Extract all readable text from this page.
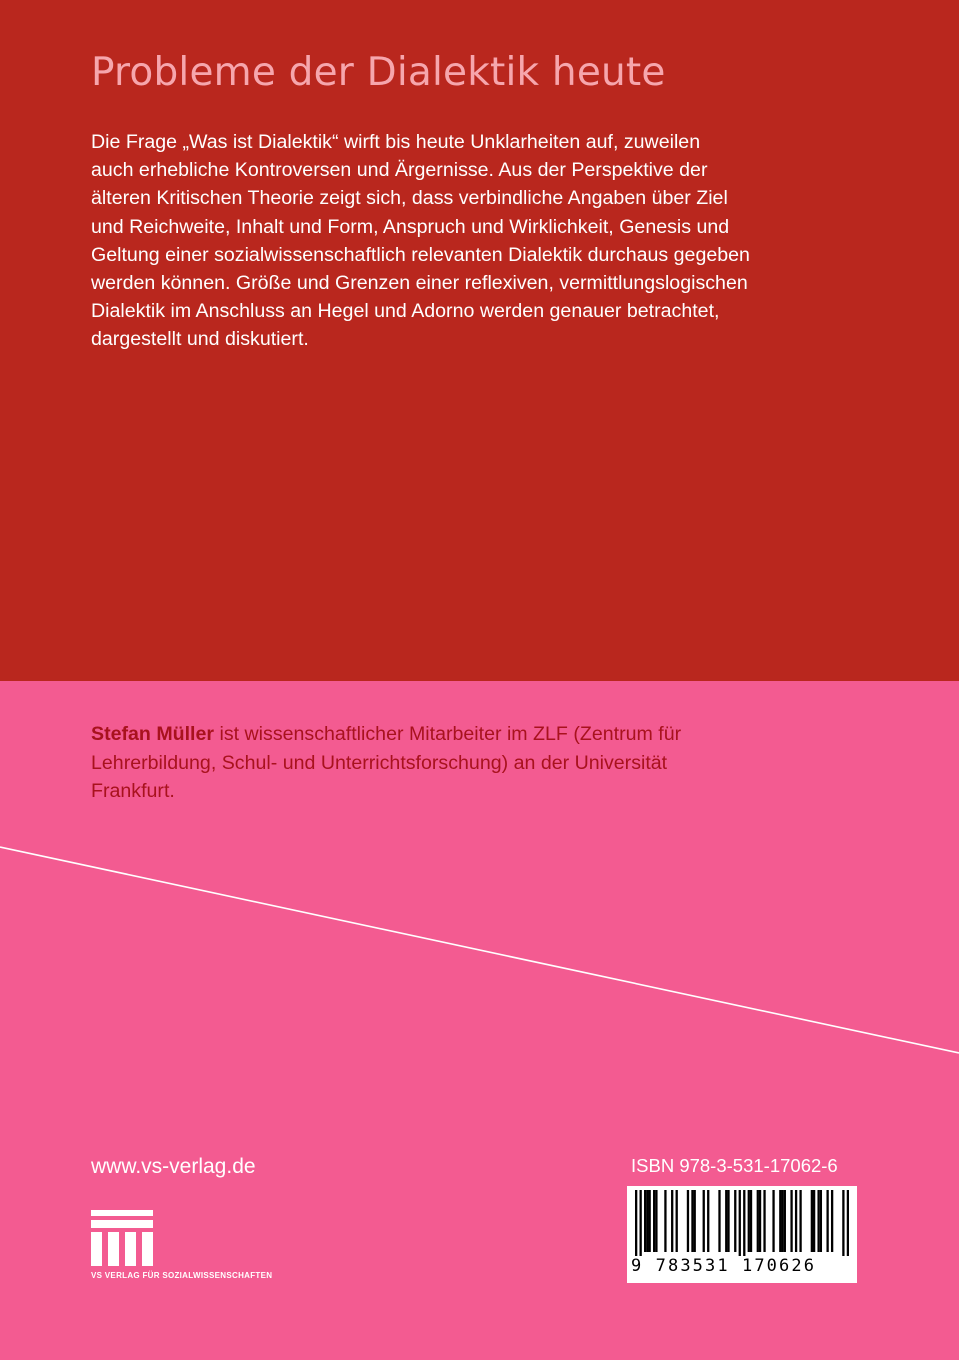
Probleme der Dialektik heute
Die Frage „Was ist Dialektik“ wirft bis heute Unklarheiten auf, zuweilen
auch erhebliche Kontroversen und Ärgernisse. Aus der Perspektive der
älteren Kritischen Theorie zeigt sich, dass verbindliche Angaben über Ziel
und Reichweite, Inhalt und Form, Anspruch und Wirklichkeit, Genesis und
Geltung einer sozialwissenschaftlich relevanten Dialektik durchaus gegeben
werden können. Größe und Grenzen einer reflexiven, vermittlungslogischen
Dialektik im Anschluss an Hegel und Adorno werden genauer betrachtet,
dargestellt und diskutiert.
Stefan Müller ist wissenschaftlicher Mitarbeiter im ZLF (Zentrum für
Lehrerbildung, Schul- und Unterrichtsforschung) an der Universität
Frankfurt.
www.vs-verlag.de
VS VERLAG FÜR SOZIALWISSENSCHAFTEN
ISBN 978-3-531-17062-6
9 783531 170626
